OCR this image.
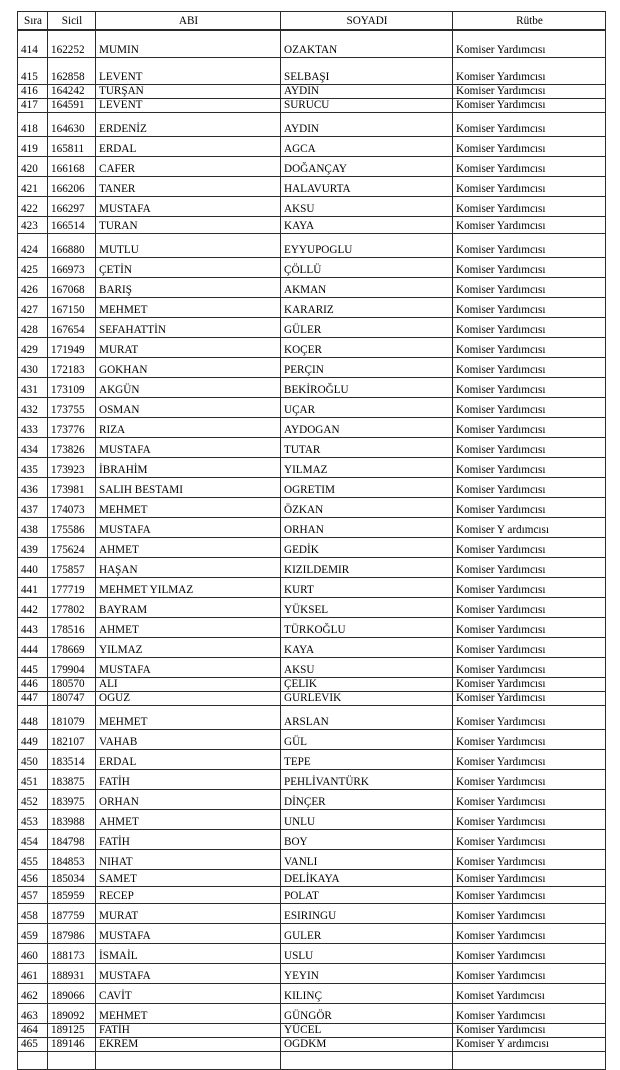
Sıra	Sicil	ABI	SOYADI	Rütbe
414	162252	MUMIN	OZAKTAN	Komiser Yardımcısı
415	162858	LEVENT	SELBAŞI	Komiser Yardımcısı
416	164242	TURŞAN	AYDIN	Komiser Yardımcısı
417	164591	LEVENT	SURUCU	Komiser Yardımcısı
418	164630	ERDENİZ	AYDIN	Komiser Yardımcısı
419	165811	ERDAL	AGCA	Komiser Yardımcısı
420	166168	CAFER	DOĞANÇAY	Komiser Yardımcısı
421	166206	TANER	HALAVURTA	Komiser Yardımcısı
422	166297	MUSTAFA	AKSU	Komiser Yardımcısı
423	166514	TURAN	KAYA	Komiser Yardımcısı
424	166880	MUTLU	EYYUPOGLU	Komiser Yardımcısı
425	166973	ÇETİN	ÇÖLLÜ	Komiser Yardımcısı
426	167068	BARIŞ	AKMAN	Komiser Yardımcısı
427	167150	MEHMET	KARARIZ	Komiser Yardımcısı
428	167654	SEFAHATTİN	GÜLER	Komiser Yardımcısı
429	171949	MURAT	KOÇER	Komiser Yardımcısı
430	172183	GOKHAN	PERÇIN	Komiser Yardımcısı
431	173109	AKGÜN	BEKİROĞLU	Komiser Yardımcısı
432	173755	OSMAN	UÇAR	Komiser Yardımcısı
433	173776	RIZA	AYDOGAN	Komiser Yardımcısı
434	173826	MUSTAFA	TUTAR	Komiser Yardımcısı
435	173923	İBRAHİM	YILMAZ	Komiser Yardımcısı
436	173981	SALIH BESTAMI	OGRETIM	Komiser Yardımcısı
437	174073	MEHMET	ÖZKAN	Komiser Yardımcısı
438	175586	MUSTAFA	ORHAN	Komiser Y ardımcısı
439	175624	AHMET	GEDİK	Komiser Yardımcısı
440	175857	HAŞAN	KIZILDEMIR	Komiser Yardımcısı
441	177719	MEHMET YILMAZ	KURT	Komiser Yardımcısı
442	177802	BAYRAM	YÜKSEL	Komiser Yardımcısı
443	178516	AHMET	TÜRKOĞLU	Komiser Yardımcısı
444	178669	YILMAZ	KAYA	Komiser Yardımcısı
445	179904	MUSTAFA	AKSU	Komiser Yardımcısı
446	180570	ALI	ÇELIK	Komiser Yardımcısı
447	180747	OGUZ	GURLEVIK	Komiser Yardımcısı
448	181079	MEHMET	ARSLAN	Komiser Yardımcısı
449	182107	VAHAB	GÜL	Komiser Yardımcısı
450	183514	ERDAL	TEPE	Komiser Yardımcısı
451	183875	FATİH	PEHLİVANTÜRK	Komiser Yardımcısı
452	183975	ORHAN	DİNÇER	Komiser Yardımcısı
453	183988	AHMET	UNLU	Komiser Yardımcısı
454	184798	FATİH	BOY	Komiser Yardımcısı
455	184853	NIHAT	VANLI	Komiser Yardımcısı
456	185034	SAMET	DELİKAYA	Komiser Yardımcısı
457	185959	RECEP	POLAT	Komiser Yardımcısı
458	187759	MURAT	ESIRINGU	Komiser Yardımcısı
459	187986	MUSTAFA	GULER	Komiser Yardımcısı
460	188173	İSMAİL	USLU	Komiser Yardımcısı
461	188931	MUSTAFA	YEYIN	Komiser Yardımcısı
462	189066	CAVİT	KILINÇ	Komiset Yardımcısı
463	189092	MEHMET	GÜNGÖR	Komiser Yardımcısı
464	189125	FATİH	YÜCEL	Komiser Yardımcısı
465	189146	EKREM	OGDKM	Komiser Y ardımcısı
